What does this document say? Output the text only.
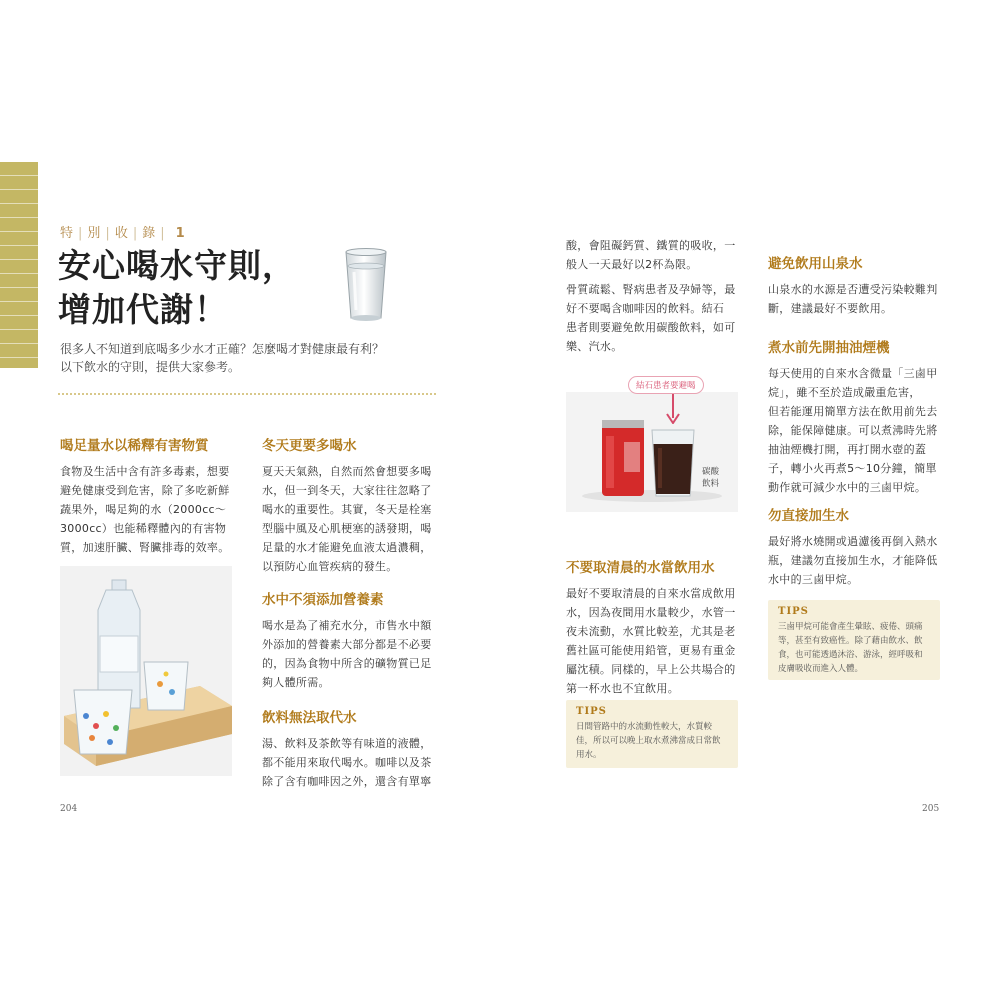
特 | 別 | 收 | 錄 | 1
安心喝水守則，
增加代謝！
很多人不知道到底喝多少水才正確？怎麼喝才對健康最有利？
以下飲水的守則，提供大家參考。
喝足量水以稀釋有害物質
食物及生活中含有許多毒素，想要
避免健康受到危害，除了多吃新鮮
蔬果外，喝足夠的水（2000cc～
3000cc）也能稀釋體內的有害物
質，加速肝臟、腎臟排毒的效率。
冬天更要多喝水
夏天天氣熱，自然而然會想要多喝
水，但一到冬天，大家往往忽略了
喝水的重要性。其實，冬天是栓塞
型腦中風及心肌梗塞的誘發期，喝
足量的水才能避免血液太過濃稠，
以預防心血管疾病的發生。
水中不須添加營養素
喝水是為了補充水分，市售水中額
外添加的營養素大部分都是不必要
的，因為食物中所含的礦物質已足
夠人體所需。
飲料無法取代水
湯、飲料及茶飲等有味道的液體，
都不能用來取代喝水。咖啡以及茶
除了含有咖啡因之外，還含有單寧
204
酸，會阻礙鈣質、鐵質的吸收，一
般人一天最好以2杯為限。
骨質疏鬆、腎病患者及孕婦等，最
好不要喝含咖啡因的飲料。結石
患者則要避免飲用碳酸飲料，如可
樂、汽水。
結石患者要避喝
碳酸
飲料
不要取清晨的水當飲用水
最好不要取清晨的自來水當成飲用
水，因為夜間用水量較少，水管一
夜未流動，水質比較差，尤其是老
舊社區可能使用鉛管，更易有重金
屬沈積。同樣的，早上公共場合的
第一杯水也不宜飲用。
TIPS
日間管路中的水流動性較大，水質較
佳，所以可以晚上取水煮沸當成日常飲
用水。
避免飲用山泉水
山泉水的水源是否遭受污染較難判
斷，建議最好不要飲用。
煮水前先開抽油煙機
每天使用的自來水含微量「三鹵甲
烷」，雖不至於造成嚴重危害，
但若能運用簡單方法在飲用前先去
除，能保障健康。可以煮沸時先將
抽油煙機打開，再打開水壺的蓋
子，轉小火再煮5～10分鐘，簡單
動作就可減少水中的三鹵甲烷。
勿直接加生水
最好將水燒開或過濾後再倒入熱水
瓶，建議勿直接加生水，才能降低
水中的三鹵甲烷。
TIPS
三鹵甲烷可能會產生暈眩、疲倦、頭痛
等，甚至有致癌性。除了藉由飲水、飲
食，也可能透過沐浴、游泳，經呼吸和
皮膚吸收而進入人體。
205
